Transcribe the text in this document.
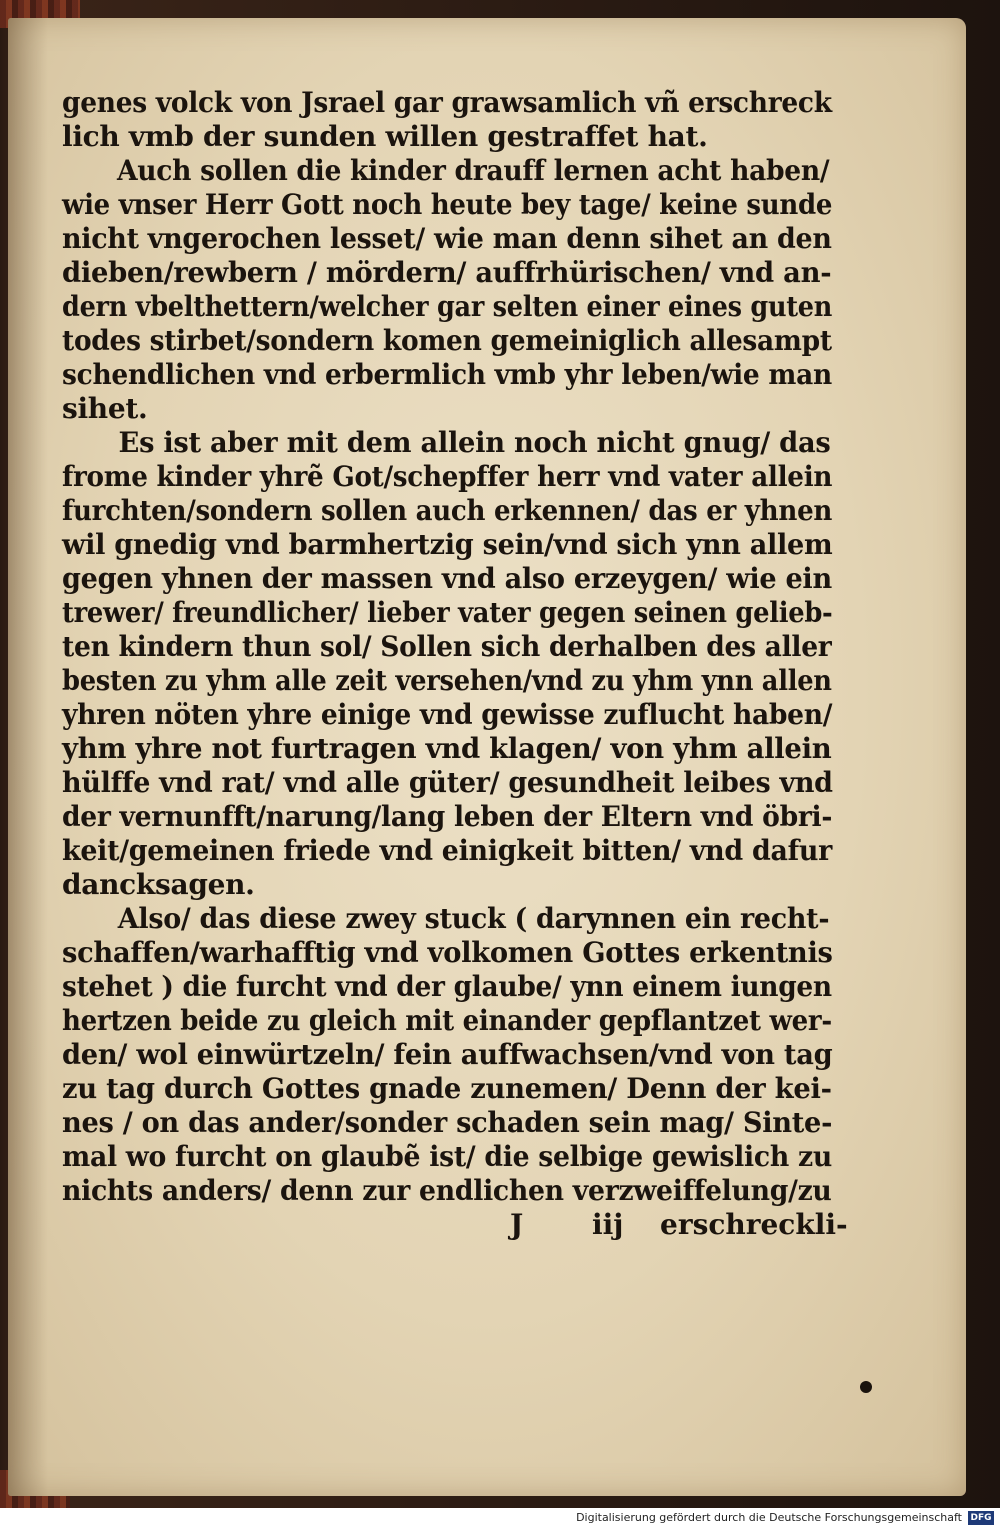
genes volck von Jsrael gar grawsamlich vñ erschreck
lich vmb der sunden willen gestraffet hat.
Auch sollen die kinder drauff lernen acht haben/
wie vnser Herr Gott noch heute bey tage/ keine sunde
nicht vngerochen lesset/ wie man denn sihet an den
dieben/rewbern / mördern/ auffrhürischen/ vnd an-
dern vbelthettern/welcher gar selten einer eines guten
todes stirbet/sondern komen gemeiniglich allesampt
schendlichen vnd erbermlich vmb yhr leben/wie man
sihet.
Es ist aber mit dem allein noch nicht gnug/ das
frome kinder yhrẽ Got/schepffer herr vnd vater allein
furchten/sondern sollen auch erkennen/ das er yhnen
wil gnedig vnd barmhertzig sein/vnd sich ynn allem
gegen yhnen der massen vnd also erzeygen/ wie ein
trewer/ freundlicher/ lieber vater gegen seinen gelieb-
ten kindern thun sol/ Sollen sich derhalben des aller
besten zu yhm alle zeit versehen/vnd zu yhm ynn allen
yhren nöten yhre einige vnd gewisse zuflucht haben/
yhm yhre not furtragen vnd klagen/ von yhm allein
hülffe vnd rat/ vnd alle güter/ gesundheit leibes vnd
der vernunfft/narung/lang leben der Eltern vnd öbri-
keit/gemeinen friede vnd einigkeit bitten/ vnd dafur
dancksagen.
Also/ das diese zwey stuck ( darynnen ein recht-
schaffen/warhafftig vnd volkomen Gottes erkentnis
stehet ) die furcht vnd der glaube/ ynn einem iungen
hertzen beide zu gleich mit einander gepflantzet wer-
den/ wol einwürtzeln/ fein auffwachsen/vnd von tag
zu tag durch Gottes gnade zunemen/ Denn der kei-
nes / on das ander/sonder schaden sein mag/ Sinte-
mal wo furcht on glaubẽ ist/ die selbige gewislich zu
nichts anders/ denn zur endlichen verzweiffelung/zu
J iij erschreckli-
Digitalisierung gefördert durch die Deutsche Forschungsgemeinschaft DFG
